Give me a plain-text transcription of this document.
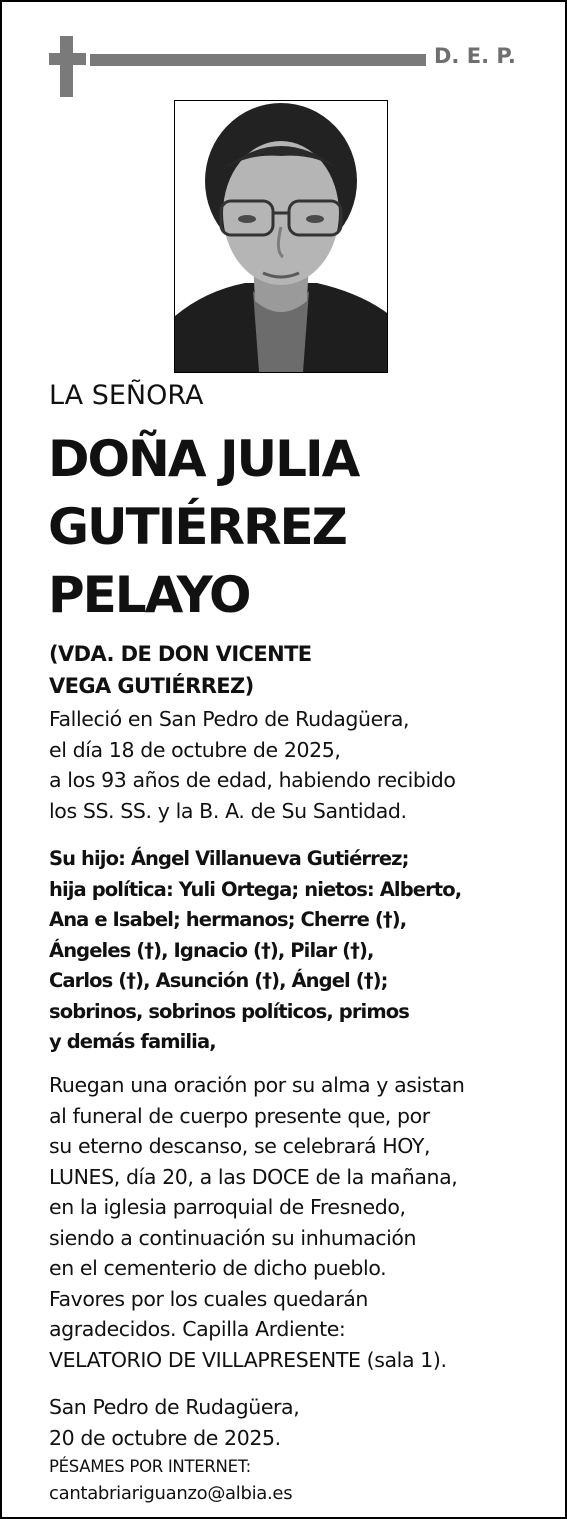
D. E. P.
LA SEÑORA
DOÑA JULIA
GUTIÉRREZ
PELAYO
(VDA. DE DON VICENTE
VEGA GUTIÉRREZ)
Falleció en San Pedro de Rudagüera,
el día 18 de octubre de 2025,
a los 93 años de edad, habiendo recibido
los SS. SS. y la B. A. de Su Santidad.
Su hijo: Ángel Villanueva Gutiérrez;
hija política: Yuli Ortega; nietos: Alberto,
Ana e Isabel; hermanos; Cherre (†),
Ángeles (†), Ignacio (†), Pilar (†),
Carlos (†), Asunción (†), Ángel (†);
sobrinos, sobrinos políticos, primos
y demás familia,
Ruegan una oración por su alma y asistan
al funeral de cuerpo presente que, por
su eterno descanso, se celebrará HOY,
LUNES, día 20, a las DOCE de la mañana,
en la iglesia parroquial de Fresnedo,
siendo a continuación su inhumación
en el cementerio de dicho pueblo.
Favores por los cuales quedarán
agradecidos. Capilla Ardiente:
VELATORIO DE VILLAPRESENTE (sala 1).
San Pedro de Rudagüera,
20 de octubre de 2025.
PÉSAMES POR INTERNET:
cantabriariguanzo@albia.es
